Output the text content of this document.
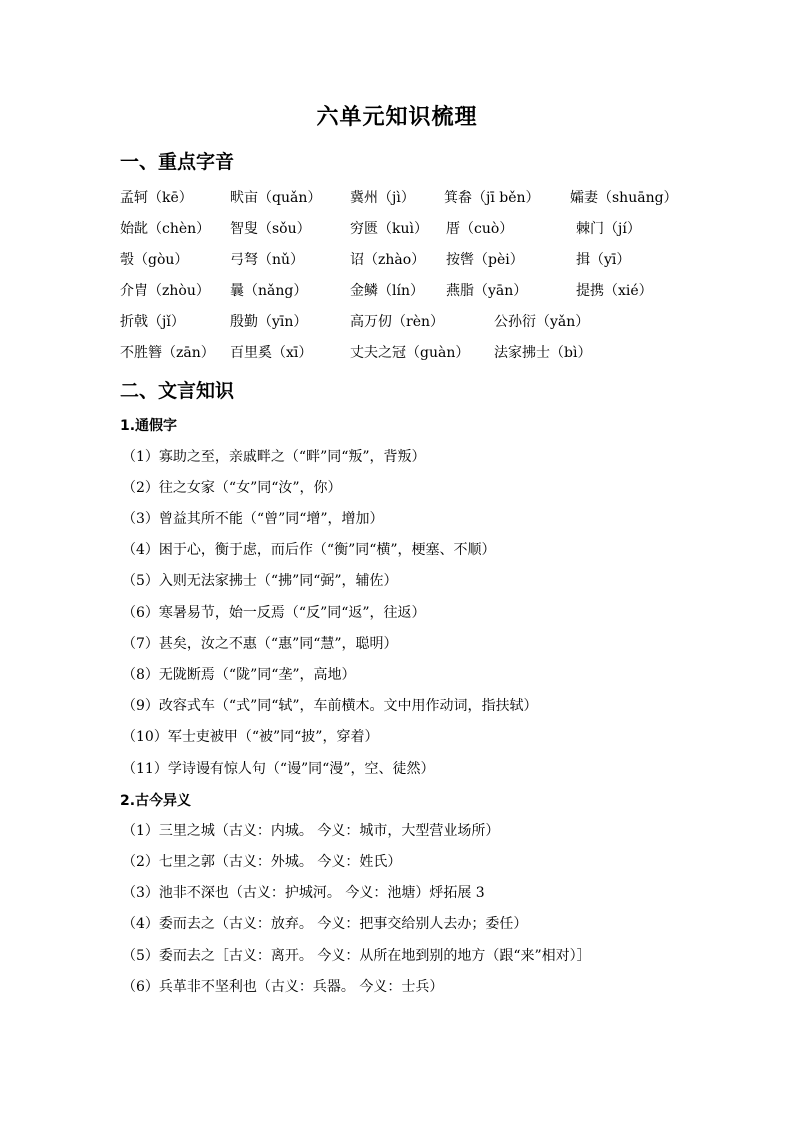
六单元知识梳理
一、重点字音
孟轲（kē）	畎亩（quǎn） 冀州（jì） 箕畚（jī běn） 孀妻（shuāng）
始龀（chèn） 智叟（sǒu）	穷匮（kuì） 厝（cuò）	棘门（jí）
彀（gòu）	弓弩（nǔ）	诏（zhào） 按辔（pèi）	揖（yī）
介胄（zhòu） 曩（nǎng）	金鳞（lín） 燕脂（yān）	提携（xié）
折戟（jǐ）	殷勤（yīn）	高万仞（rèn）	公孙衍（yǎn）
不胜簪（zān） 百里奚（xī）	丈夫之冠（guàn） 法家拂士（bì）
二、文言知识
1.通假字
（1）寡助之至，亲戚畔之（“畔”同“叛”，背叛）
（2）往之女家（“女”同“汝”，你）
（3）曾益其所不能（“曾”同“增”，增加）
（4）困于心，衡于虑，而后作（“衡”同“横”，梗塞、不顺）
（5）入则无法家拂士（“拂”同“弼”，辅佐）
（6）寒暑易节，始一反焉（“反”同“返”，往返）
（7）甚矣，汝之不惠（“惠”同“慧”，聪明）
（8）无陇断焉（“陇”同“垄”，高地）
（9）改容式车（“式”同“轼”，车前横木。文中用作动词，指扶轼）
（10）军士吏被甲（“被”同“披”，穿着）
（11）学诗谩有惊人句（“谩”同“漫”，空、徒然）
2.古今异义
（1）三里之城（古义：内城。 今义：城市，大型营业场所）
（2）七里之郭（古义：外城。 今义：姓氏）
（3）池非不深也（古义：护城河。 今义：池塘）烀拓展 3
（4）委而去之（古义：放弃。 今义：把事交给别人去办；委任）
（5）委而去之［古义：离开。 今义：从所在地到别的地方（跟“来”相对）］
（6）兵革非不坚利也（古义：兵器。 今义：士兵）
